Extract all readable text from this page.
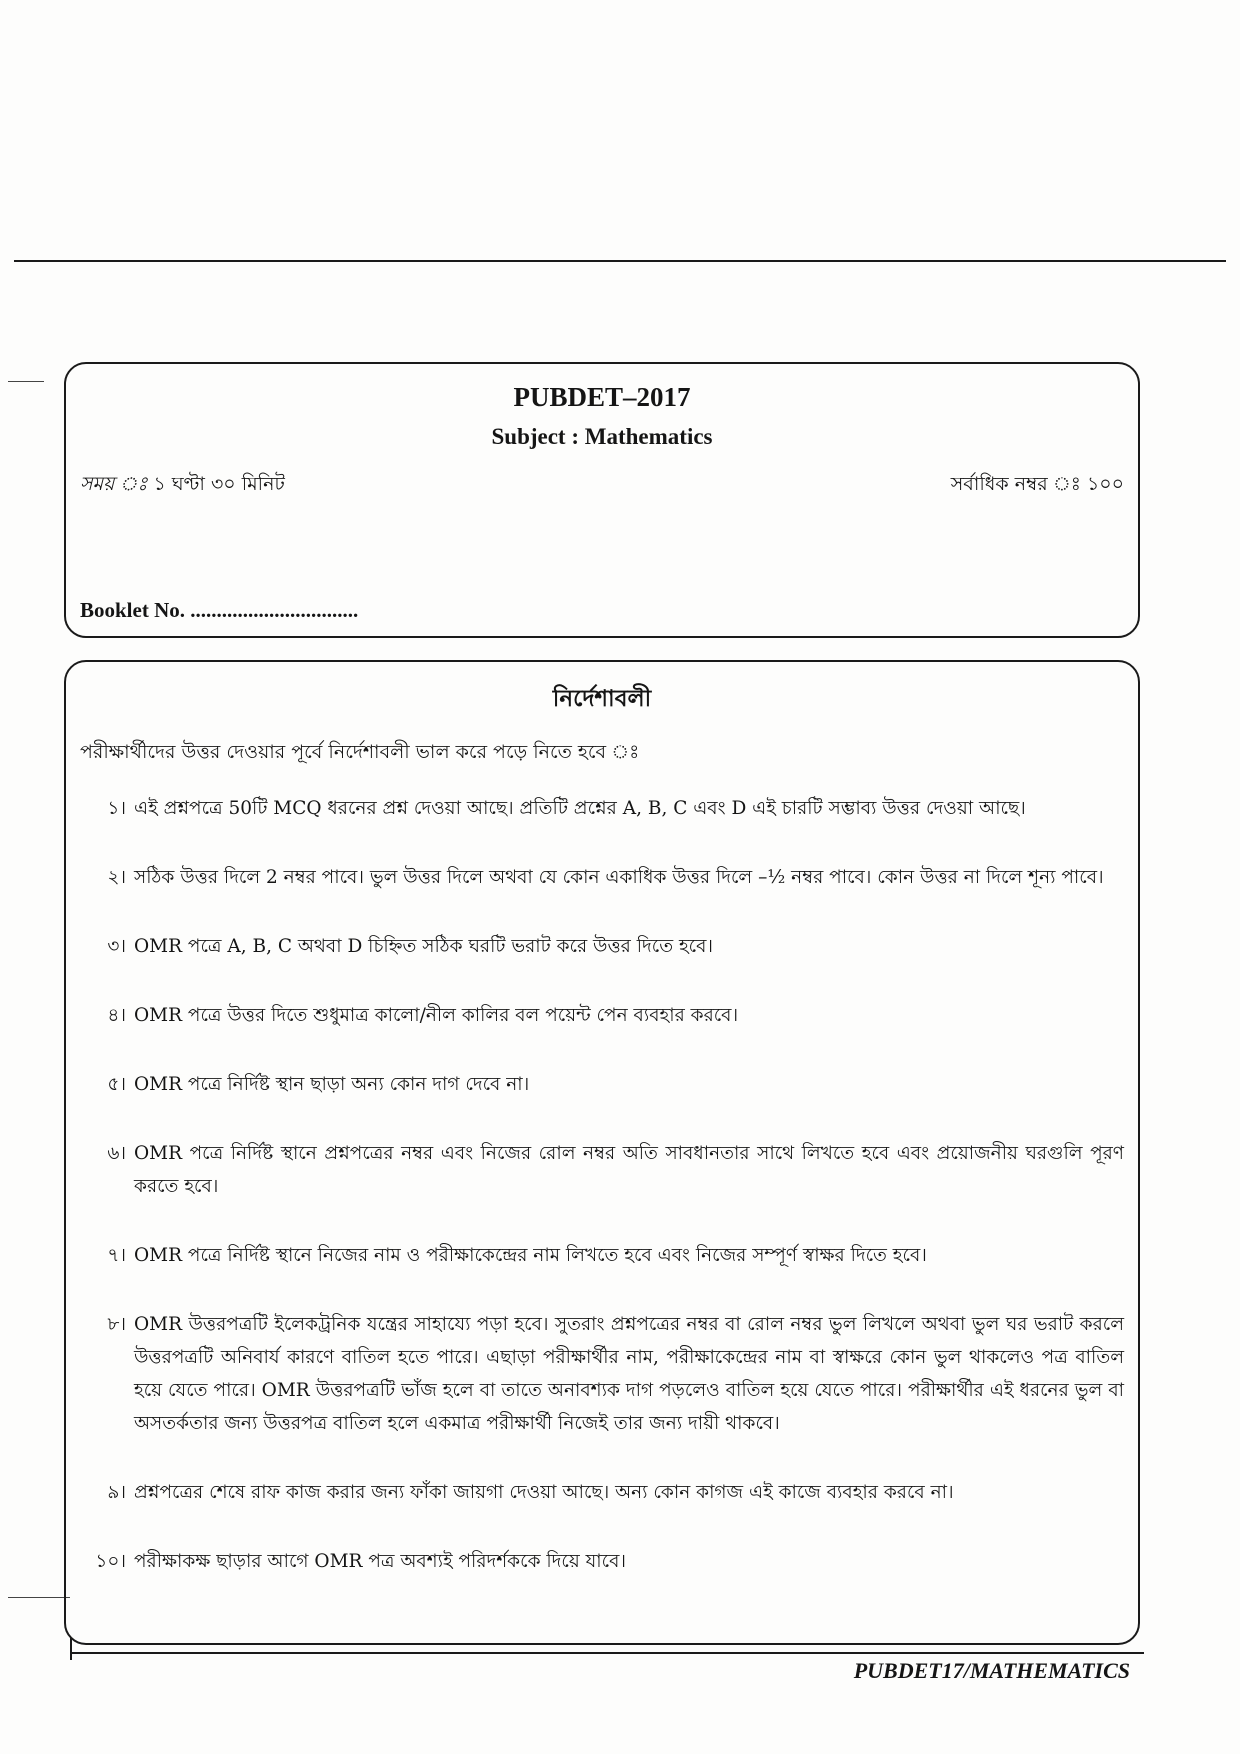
PUBDET–2017
Subject : Mathematics
সময় ঃ ১ ঘণ্টা ৩০ মিনিট	সর্বাধিক নম্বর ঃ ১০০
Booklet No. ................................
নির্দেশাবলী
পরীক্ষার্থীদের উত্তর দেওয়ার পূর্বে নির্দেশাবলী ভাল করে পড়ে নিতে হবে ঃ
১। এই প্রশ্নপত্রে 50টি MCQ ধরনের প্রশ্ন দেওয়া আছে। প্রতিটি প্রশ্নের A, B, C এবং D এই চারটি সম্ভাব্য উত্তর দেওয়া আছে।
২। সঠিক উত্তর দিলে 2 নম্বর পাবে। ভুল উত্তর দিলে অথবা যে কোন একাধিক উত্তর দিলে –½ নম্বর পাবে। কোন উত্তর না দিলে শূন্য পাবে।
৩। OMR পত্রে A, B, C অথবা D চিহ্নিত সঠিক ঘরটি ভরাট করে উত্তর দিতে হবে।
৪। OMR পত্রে উত্তর দিতে শুধুমাত্র কালো/নীল কালির বল পয়েন্ট পেন ব্যবহার করবে।
৫। OMR পত্রে নির্দিষ্ট স্থান ছাড়া অন্য কোন দাগ দেবে না।
৬। OMR পত্রে নির্দিষ্ট স্থানে প্রশ্নপত্রের নম্বর এবং নিজের রোল নম্বর অতি সাবধানতার সাথে লিখতে হবে এবং প্রয়োজনীয় ঘরগুলি পূরণ করতে হবে।
৭। OMR পত্রে নির্দিষ্ট স্থানে নিজের নাম ও পরীক্ষাকেন্দ্রের নাম লিখতে হবে এবং নিজের সম্পূর্ণ স্বাক্ষর দিতে হবে।
৮। OMR উত্তরপত্রটি ইলেকট্রনিক যন্ত্রের সাহায্যে পড়া হবে। সুতরাং প্রশ্নপত্রের নম্বর বা রোল নম্বর ভুল লিখলে অথবা ভুল ঘর ভরাট করলে উত্তরপত্রটি অনিবার্য কারণে বাতিল হতে পারে। এছাড়া পরীক্ষার্থীর নাম, পরীক্ষাকেন্দ্রের নাম বা স্বাক্ষরে কোন ভুল থাকলেও পত্র বাতিল হয়ে যেতে পারে। OMR উত্তরপত্রটি ভাঁজ হলে বা তাতে অনাবশ্যক দাগ পড়লেও বাতিল হয়ে যেতে পারে। পরীক্ষার্থীর এই ধরনের ভুল বা অসতর্কতার জন্য উত্তরপত্র বাতিল হলে একমাত্র পরীক্ষার্থী নিজেই তার জন্য দায়ী থাকবে।
৯। প্রশ্নপত্রের শেষে রাফ কাজ করার জন্য ফাঁকা জায়গা দেওয়া আছে। অন্য কোন কাগজ এই কাজে ব্যবহার করবে না।
১০। পরীক্ষাকক্ষ ছাড়ার আগে OMR পত্র অবশ্যই পরিদর্শককে দিয়ে যাবে।
PUBDET17/MATHEMATICS
